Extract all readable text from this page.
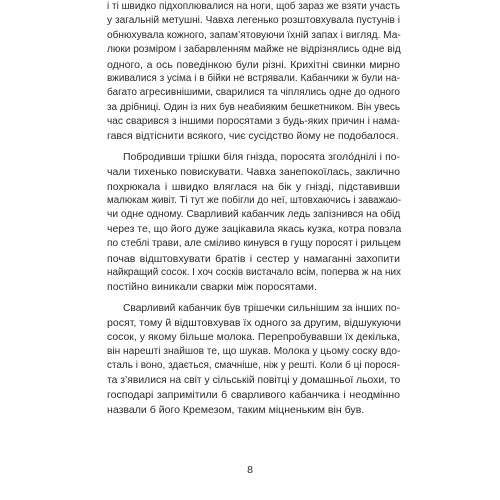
і ті швидко підхоплювалися на ноги, щоб зараз же взяти участь
у загальній метушні. Чавха легенько розштовхувала пустунів і
обнюхувала кожного, запам’ятовуючи їхній запах і вигляд. Ма-
люки розміром і забарвленням майже не відрізнялись одне від
одного, а ось поведінкою були різні. Крихітні свинки мирно
вживалися з усіма і в бійки не встрявали. Кабанчики ж були на-
багато агресивнішими, сварилися та чіплялись одне до одного
за дрібниці. Один із них був неабияким бешкетником. Він увесь
час сварився з іншими поросятами з будь-яких причин і нама-
гався відтіснити всякого, чиє сусідство йому не подобалося.
Побродивши трішки біля гнізда, поросята зголо́днілі і по-
чали тихенько повискувати. Чавха занепокоїлась, заклично
похрюкала і швидко вляглася на бік у гнізді, підставивши
малюкам живіт. Ті тут же побігли до неї, штовхаючись і заважаю-
чи одне одному. Сварливий кабанчик ледь запізнився на обід
через те, що його дуже зацікавила якась кузка, котра повзла
по стеблі трави, але сміливо кинувся в гущу поросят і рильцем
почав відштовхувати братів і сестер у намаганні захопити
найкращий сосок. І хоч сосків вистачало всім, поперва ж на них
постійно виникали сварки між поросятами.
Сварливий кабанчик був трішечки сильнішим за інших по-
росят, тому й відштовхував їх одного за другим, відшукуючи
сосок, у якому більше молока. Перепробувавши їх декілька,
він нарешті знайшов те, що шукав. Молока у цьому соску вдо-
сталь і воно, здається, смачніше, ніж у решті. Коли б ці порося-
та з’явилися на світ у сільській повітці у домашньої льохи, то
господарі запримітили б сварливого кабанчика і неодмінно
назвали б його Кремезом, таким міцненьким він був.
8
